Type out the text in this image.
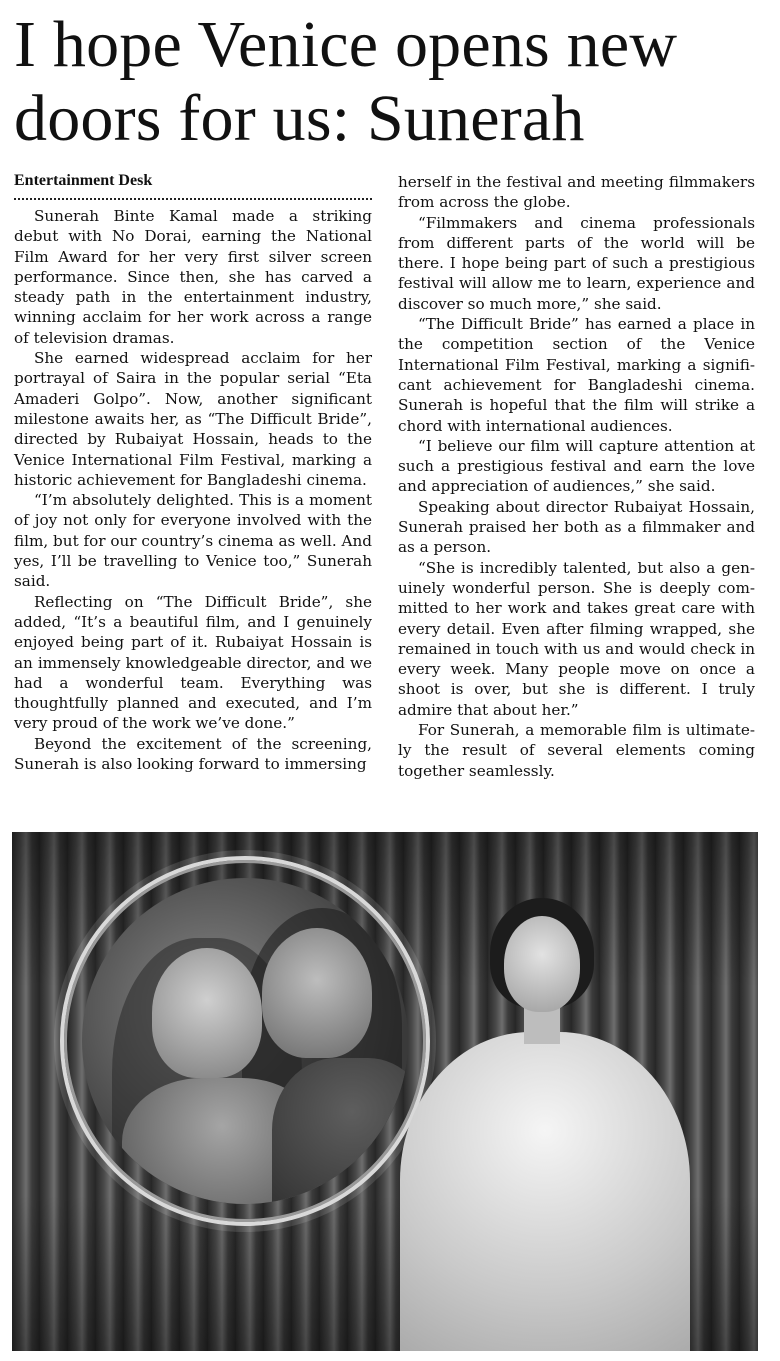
I hope Venice opens new doors for us: Sunerah
Entertainment Desk

Sunerah Binte Kamal made a striking debut with No Dorai, earning the National Film Award for her very first silver screen performance. Since then, she has carved a steady path in the entertainment industry, winning acclaim for her work across a range of television dramas.

She earned widespread acclaim for her portrayal of Saira in the popular serial “Eta Amaderi Golpo”. Now, another significant milestone awaits her, as “The Difficult Bride”, directed by Rubaiyat Hossain, heads to the Venice International Film Festival, marking a historic achievement for Bangladeshi cinema.

“I’m absolutely delighted. This is a moment of joy not only for everyone involved with the film, but for our country’s cinema as well. And yes, I’ll be travelling to Venice too,” Sunerah said.

Reflecting on “The Difficult Bride”, she added, “It’s a beautiful film, and I genuinely enjoyed being part of it. Rubaiyat Hossain is an immensely knowledgeable director, and we had a wonderful team. Everything was thoughtfully planned and executed, and I’m very proud of the work we’ve done.”

Beyond the excitement of the screening, Sunerah is also looking forward to immersing

herself in the festival and meeting filmmakers from across the globe.

“Filmmakers and cinema professionals from different parts of the world will be there. I hope being part of such a prestigious festival will allow me to learn, experience and discover so much more,” she said.

“The Difficult Bride” has earned a place in the competition section of the Venice International Film Festival, marking a significant achievement for Bangladeshi cinema. Sunerah is hopeful that the film will strike a chord with international audiences.

“I believe our film will capture attention at such a prestigious festival and earn the love and appreciation of audiences,” she said.

Speaking about director Rubaiyat Hossain, Sunerah praised her both as a filmmaker and as a person.

“She is incredibly talented, but also a genuinely wonderful person. She is deeply committed to her work and takes great care with every detail. Even after filming wrapped, she remained in touch with us and would check in every week. Many people move on once a shoot is over, but she is different. I truly admire that about her.”

For Sunerah, a memorable film is ultimately the result of several elements coming together seamlessly.
